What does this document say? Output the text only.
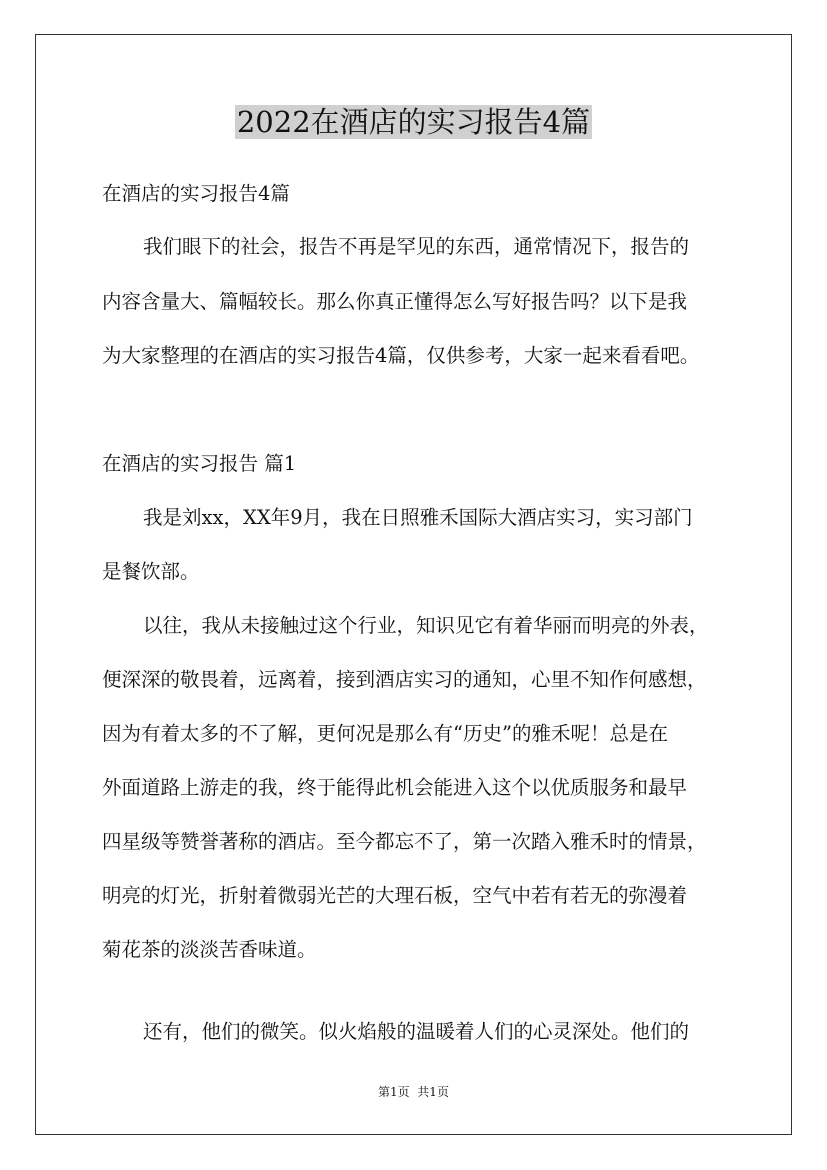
2022在酒店的实习报告4篇

在酒店的实习报告4篇

我们眼下的社会，报告不再是罕见的东西，通常情况下，报告的

内容含量大、篇幅较长。那么你真正懂得怎么写好报告吗？以下是我

为大家整理的在酒店的实习报告4篇，仅供参考，大家一起来看看吧。

在酒店的实习报告 篇1

我是刘xx，XX年9月，我在日照雅禾国际大酒店实习，实习部门

是餐饮部。

以往，我从未接触过这个行业，知识见它有着华丽而明亮的外表，

便深深的敬畏着，远离着，接到酒店实习的通知，心里不知作何感想，

因为有着太多的不了解，更何况是那么有“历史”的雅禾呢！总是在

外面道路上游走的我，终于能得此机会能进入这个以优质服务和最早

四星级等赞誉著称的酒店。至今都忘不了，第一次踏入雅禾时的情景，

明亮的灯光，折射着微弱光芒的大理石板，空气中若有若无的弥漫着

菊花茶的淡淡苦香味道。

还有，他们的微笑。似火焰般的温暖着人们的心灵深处。他们的

第1页  共1页
